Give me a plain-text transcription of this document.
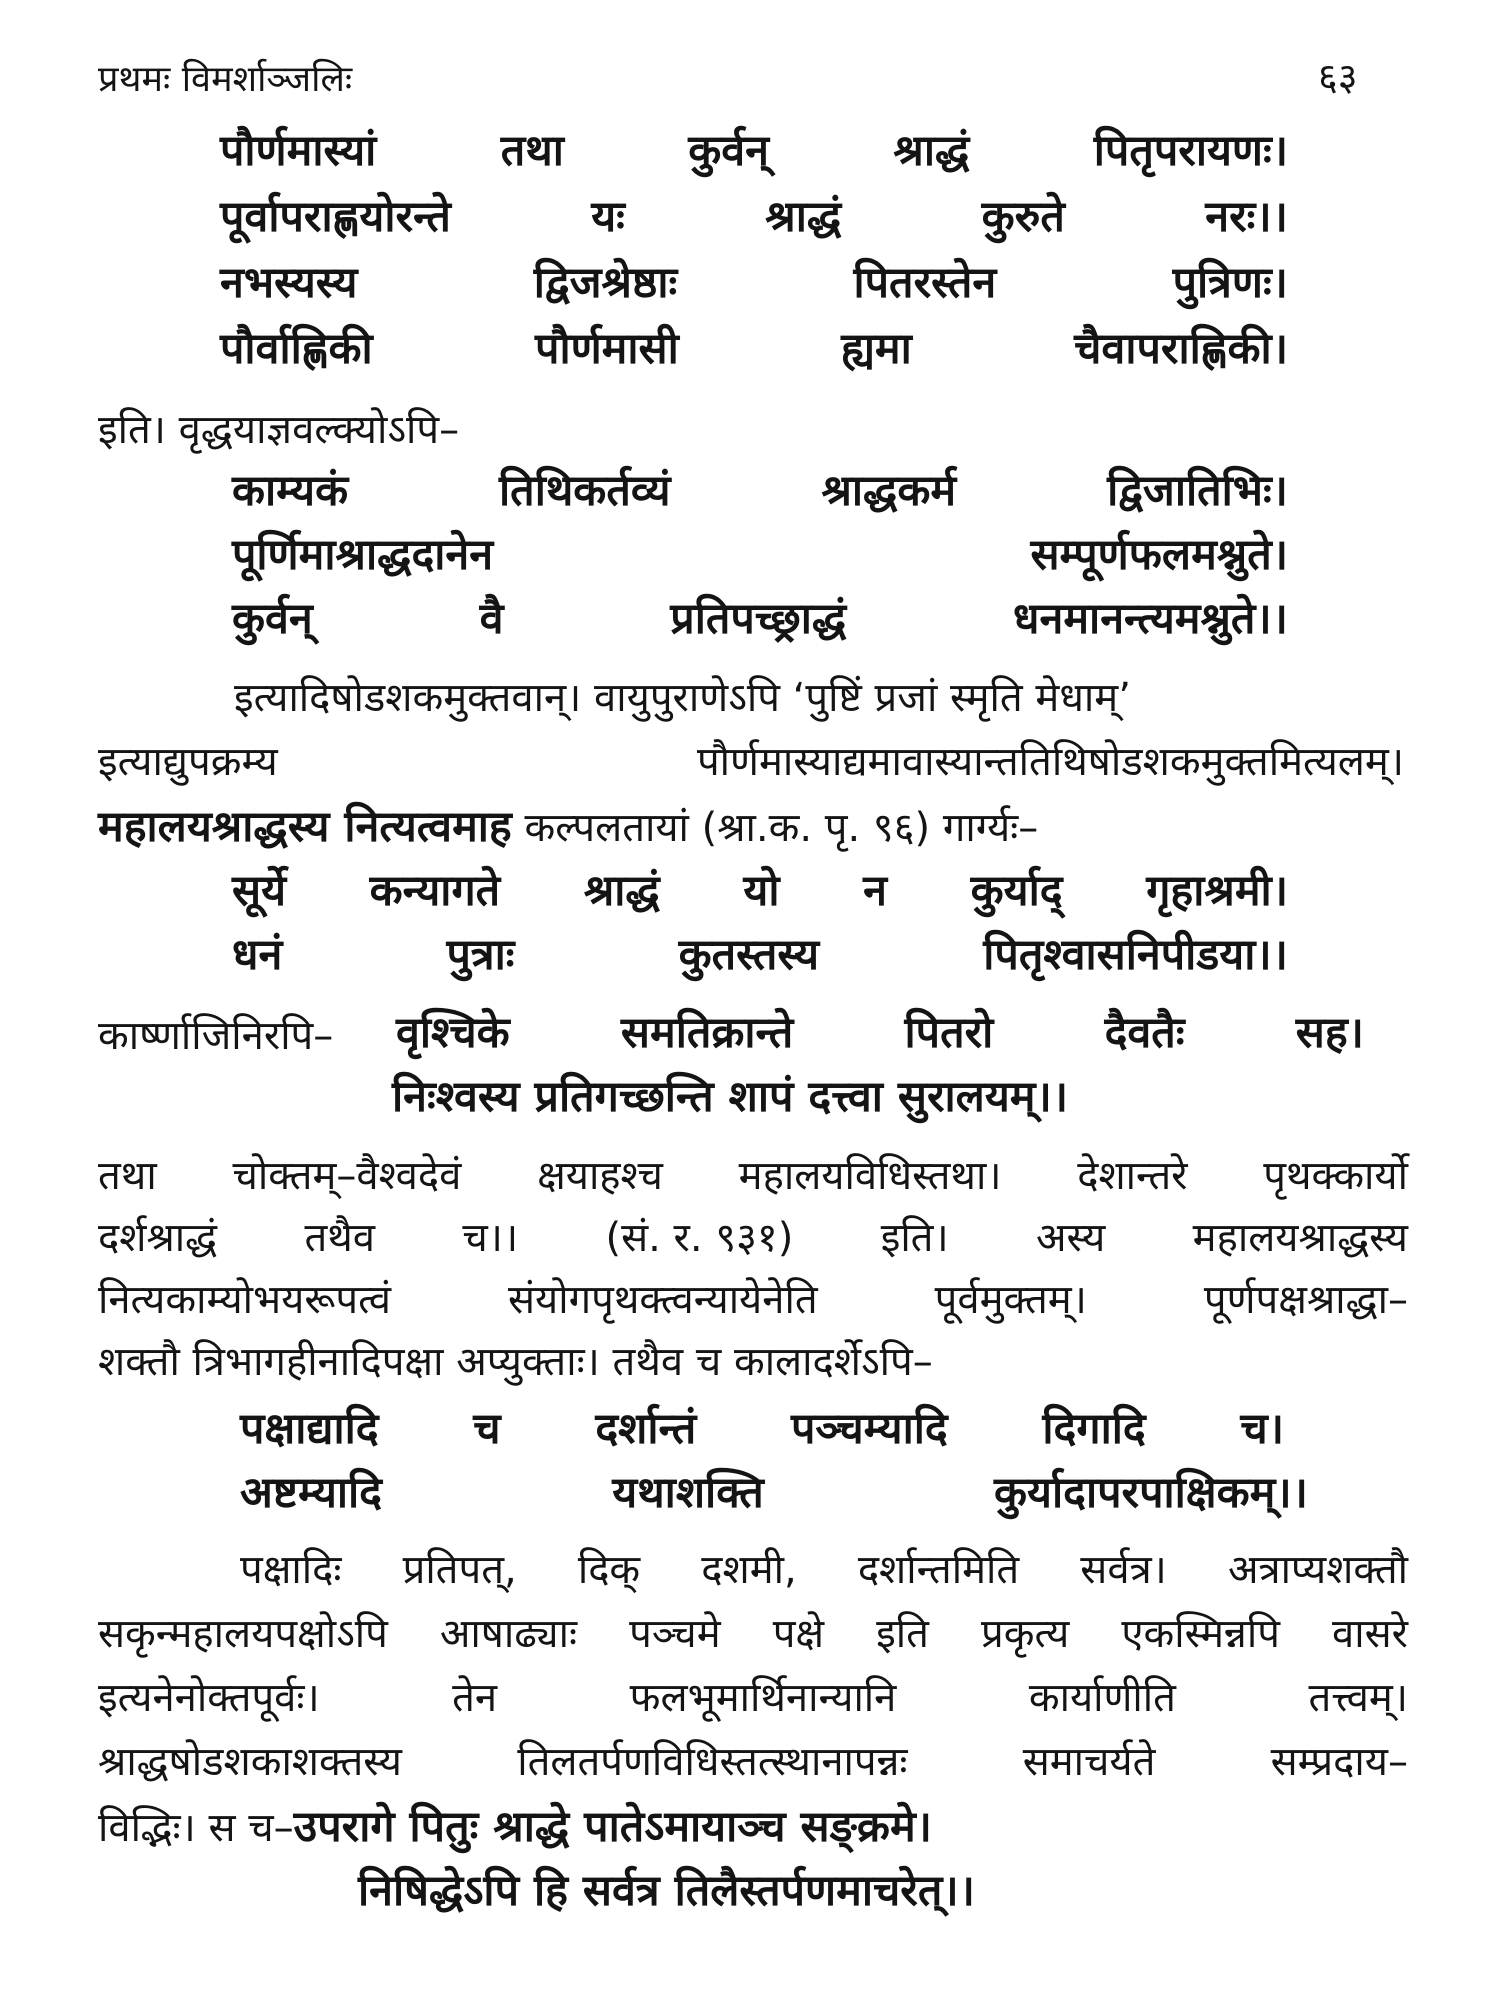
प्रथमः विमर्शाञ्जलिः	६३
पौर्णमास्यां	तथा	कुर्वन्	श्राद्धं	पितृपरायणः।
पूर्वापराह्णयोरन्ते	यः	श्राद्धं	कुरुते	नरः।।
नभस्यस्य	द्विजश्रेष्ठाः	पितरस्तेन	पुत्रिणः।
पौर्वाह्णिकी	पौर्णमासी	ह्यमा	चैवापराह्णिकी।
इति। वृद्धयाज्ञवल्क्योऽपि–
काम्यकं	तिथिकर्तव्यं	श्राद्धकर्म	द्विजातिभिः।
पूर्णिमाश्राद्धदानेन	सम्पूर्णफलमश्नुते।
कुर्वन्	वै	प्रतिपच्छ्राद्धं	धनमानन्त्यमश्नुते।।
इत्यादिषोडशकमुक्तवान्। वायुपुराणेऽपि ‘पुष्टिं प्रजां स्मृति मेधाम्’
इत्याद्युपक्रम्य	पौर्णमास्याद्यमावास्यान्ततिथिषोडशकमुक्तमित्यलम्।
महालयश्राद्धस्य नित्यत्वमाह कल्पलतायां (श्रा.क. पृ. ९६) गार्ग्यः–
सूर्ये कन्यागते श्राद्धं यो न कुर्याद् गृहाश्रमी।
धनं	पुत्राः	कुतस्तस्य	पितृश्वासनिपीडया।।
कार्ष्णाजिनिरपि– वृश्चिके	समतिक्रान्ते	पितरो	दैवतैः	सह।
निःश्वस्य प्रतिगच्छन्ति शापं दत्त्वा सुरालयम्।।
तथा चोक्तम्–वैश्वदेवं क्षयाहश्च महालयविधिस्तथा। देशान्तरे पृथक्कार्यो
दर्शश्राद्धं तथैव च।। (सं. र. ९३१) इति। अस्य महालयश्राद्धस्य
नित्यकाम्योभयरूपत्वं	संयोगपृथक्त्वन्यायेनेति	पूर्वमुक्तम्।	पूर्णपक्षश्राद्धा–
शक्तौ त्रिभागहीनादिपक्षा अप्युक्ताः। तथैव च कालादर्शेऽपि–
पक्षाद्यादि च दर्शान्तं पञ्चम्यादि दिगादि च।
अष्टम्यादि	यथाशक्ति	कुर्यादापरपाक्षिकम्।।
पक्षादिः प्रतिपत्, दिक् दशमी, दर्शान्तमिति सर्वत्र। अत्राप्यशक्तौ
सकृन्महालयपक्षोऽपि आषाढ्याः पञ्चमे पक्षे इति प्रकृत्य एकस्मिन्नपि वासरे
इत्यनेनोक्तपूर्वः।	तेन	फलभूमार्थिनान्यानि	कार्याणीति	तत्त्वम्।
श्राद्धषोडशकाशक्तस्य	तिलतर्पणविधिस्तत्स्थानापन्नः	समाचर्यते	सम्प्रदाय–
विद्भिः। स च–उपरागे पितुः श्राद्धे पातेऽमायाञ्च सङ्क्रमे।
निषिद्धेऽपि हि सर्वत्र तिलैस्तर्पणमाचरेत्।।
